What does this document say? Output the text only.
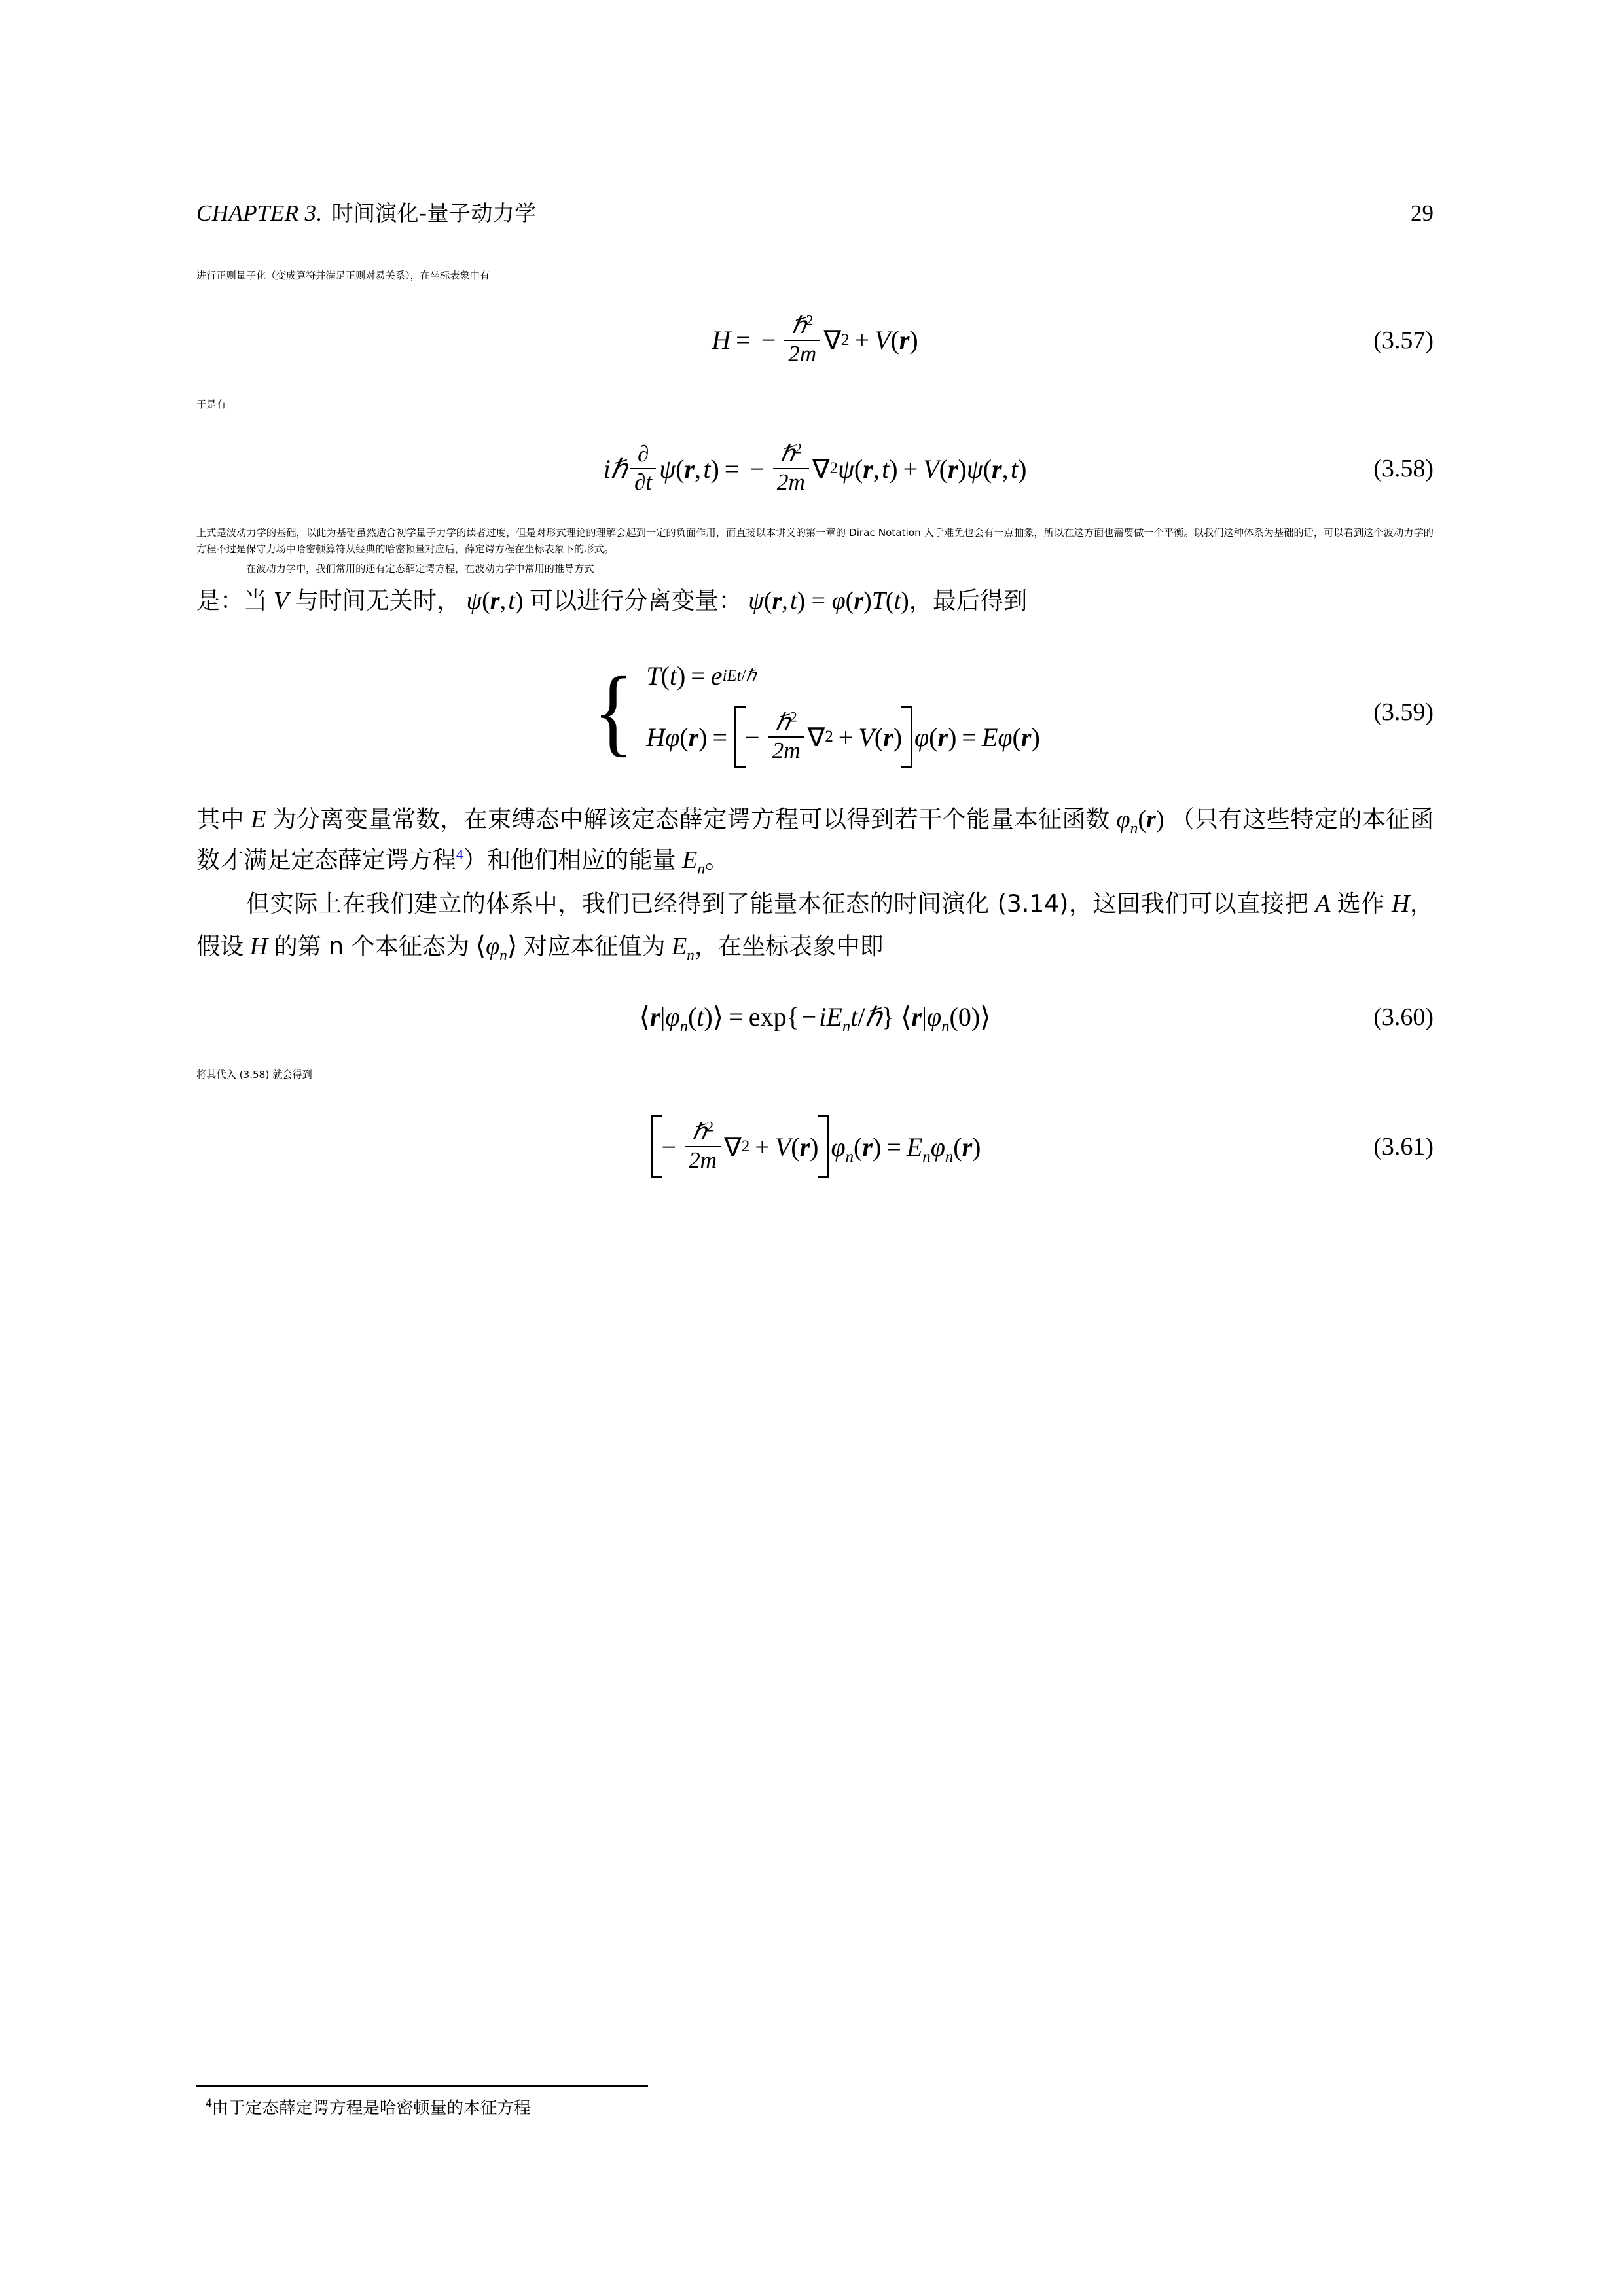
CHAPTER 3. 时间演化-量子动力学	29

进行正则量子化（变成算符并满足正则对易关系），在坐标表象中有

H = − $\frac{\hbar^2}{2m}$ ∇ 2 + V ( r )	(3.57)

于是有

iℏ $\frac{\partial}{\partial t}$ ψ ( r ,  t ) = − $\frac{\hbar^2}{2m}$ ∇ 2 ψ ( r ,  t ) + V ( r ) ψ ( r ,  t )	(3.58)

上式是波动力学的基础，以此为基础虽然适合初学量子力学的读者过度，但是对形式理论的理解会起到一定的负面作用，而直接以本讲义的第一章的 Dirac Notation 入手难免也会有一点抽象，所以在这方面也需要做一个平衡。以我们这种体系为基础的话，可以看到这个波动力学的方程不过是保守力场中哈密顿算符从经典的哈密顿量对应后，薛定谔方程在坐标表象下的形式。

在波动力学中，我们常用的还有定态薛定谔方程，在波动力学中常用的推导方式

是：当 V 与时间无关时， ψ(r, t) 可以进行分离变量： ψ(r, t) = φ(r)T(t)，最后得到

{ T ( t ) = e iEt/ℏ
Hφ ( r ) = − $\frac{\hbar^2}{2m}$ ∇ 2 + V ( r ) φ ( r ) = Eφ ( r )
(3.59)

其中 E 为分离变量常数，在束缚态中解该定态薛定谔方程可以得到若干个能量本征函数 $\varphi_n(r)$ （只有这些特定的本征函数才满足定态薛定谔方程$^4$）和他们相应的能量 $E_n$。

但实际上在我们建立的体系中，我们已经得到了能量本征态的时间演化 (3.14)，这回我们可以直接把 A 选作 H，假设 H 的第 n 个本征态为 $⟨\varphi_n⟩$ 对应本征值为 $E_n$，在坐标表象中即

⟨ r | $\varphi_n$ ( t ) ⟩ = exp { − $iE_nt$ / ℏ } ⟨ r | $\varphi_n$ (0) ⟩	(3.60)

将其代入 (3.58) 就会得到

− $\frac{\hbar^2}{2m}$ ∇ 2 + V ( r ) $\varphi_n$ ( r ) = $E_n\varphi_n$ ( r )	(3.61)
$^4$由于定态薛定谔方程是哈密顿量的本征方程
